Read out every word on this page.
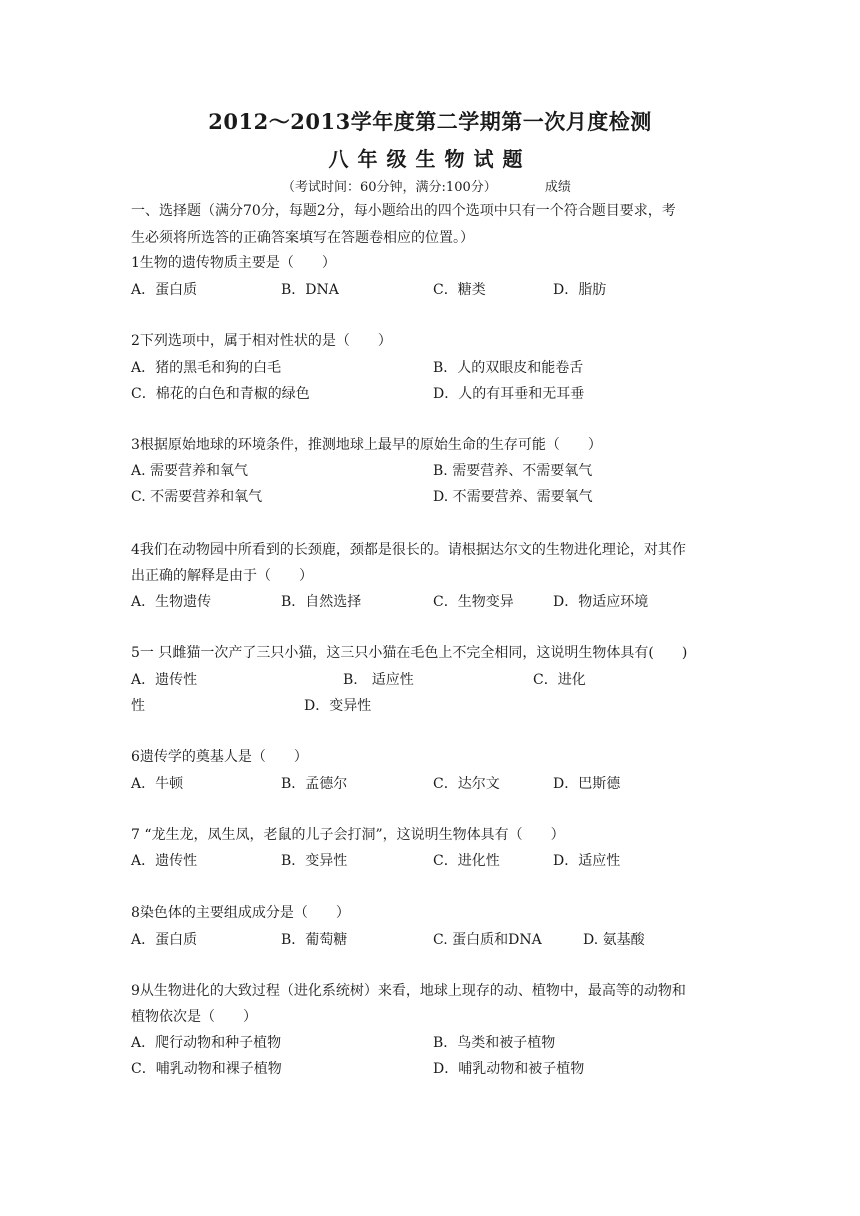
2012～2013学年度第二学期第一次月度检测
八年级生物试题
（考试时间：60分钟，满分:100分）	成绩
一、选择题（满分70分，每题2分，每小题给出的四个选项中只有一个符合题目要求，考
生必须将所选答的正确答案填写在答题卷相应的位置。）
1生物的遗传物质主要是（　　）
A．蛋白质	B．DNA	C．糖类	D．脂肪
2下列选项中，属于相对性状的是（　　）
A．猪的黑毛和狗的白毛	B．人的双眼皮和能卷舌
C．棉花的白色和青椒的绿色	D．人的有耳垂和无耳垂
3根据原始地球的环境条件，推测地球上最早的原始生命的生存可能（　　）
A. 需要营养和氧气	B. 需要营养、不需要氧气
C. 不需要营养和氧气	D. 不需要营养、需要氧气
4我们在动物园中所看到的长颈鹿，颈都是很长的。请根据达尔文的生物进化理论，对其作
出正确的解释是由于（　　）
A．生物遗传	B．自然选择	C．生物变异	D．物适应环境
5一 只雌猫一次产了三只小猫，这三只小猫在毛色上不完全相同，这说明生物体具有(　　)
A．遗传性	B.　适应性	C．进化
性	D．变异性
6遗传学的奠基人是（　　）
A．牛顿	B．孟德尔	C．达尔文	D．巴斯德
7 “龙生龙，凤生凤，老鼠的儿子会打洞”，这说明生物体具有（　　）
A．遗传性	B．变异性	C．进化性	D．适应性
8染色体的主要组成成分是（　　）
A．蛋白质	B．葡萄糖	C. 蛋白质和DNA	D. 氨基酸
9从生物进化的大致过程（进化系统树）来看，地球上现存的动、植物中，最高等的动物和
植物依次是（　　）
A．爬行动物和种子植物	B．鸟类和被子植物
C．哺乳动物和裸子植物	D．哺乳动物和被子植物
